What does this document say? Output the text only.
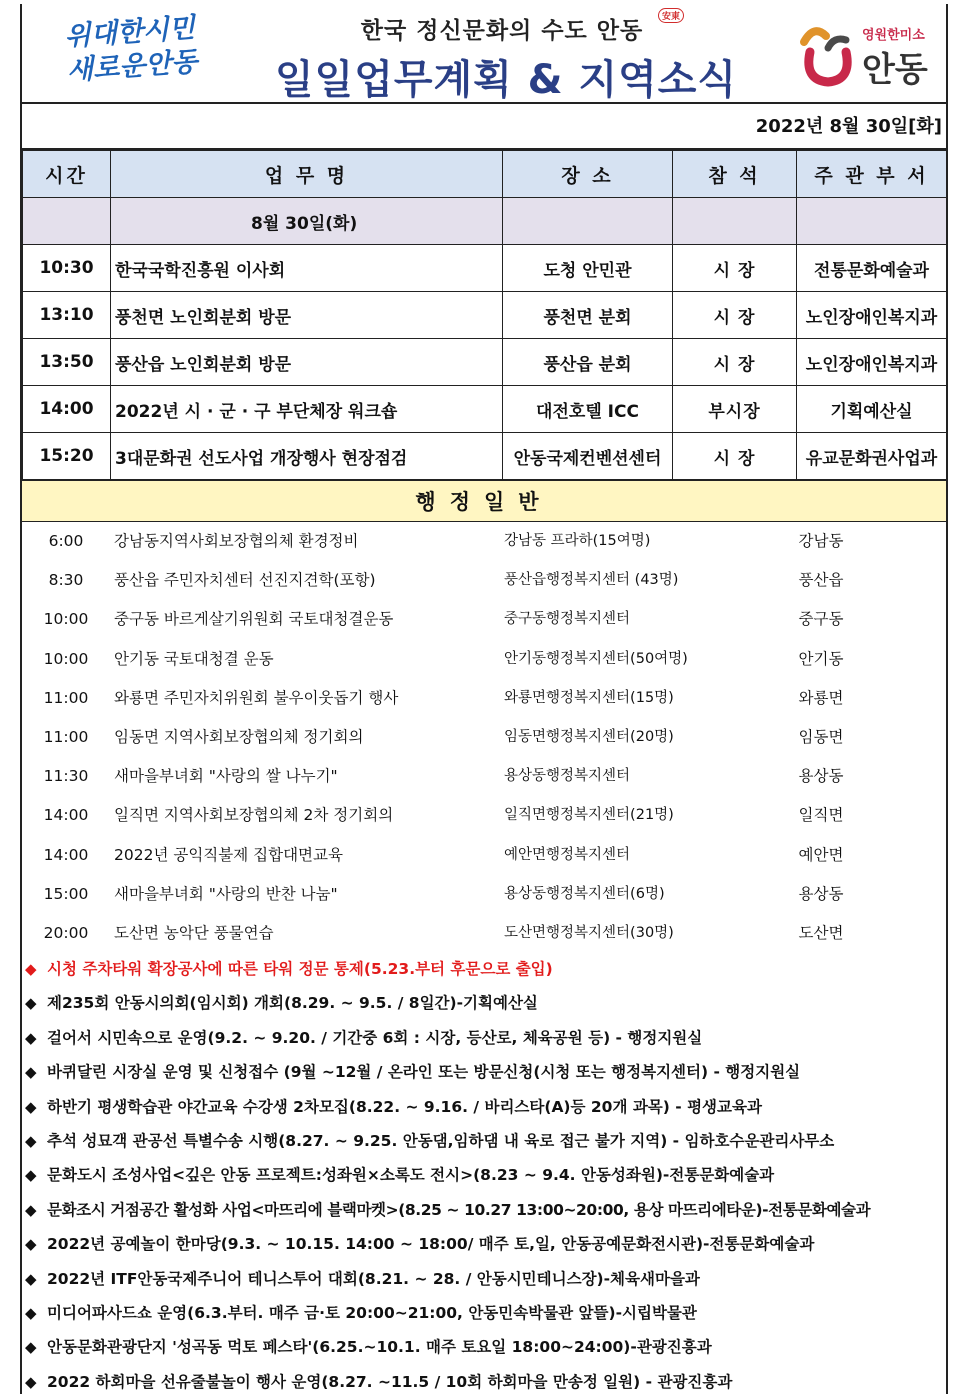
위대한시민
새로운안동
한국 정신문화의 수도 안동
安東
일일업무계획 & 지역소식
영원한미소
안동
2022년 8월 30일[화]
시간	업 무 명	장 소	참 석	주 관 부 서
	8월 30일(화)			
10:30	한국국학진흥원 이사회	도청 안민관	시 장	전통문화예술과
13:10	풍천면 노인회분회 방문	풍천면 분회	시 장	노인장애인복지과
13:50	풍산읍 노인회분회 방문	풍산읍 분회	시 장	노인장애인복지과
14:00	2022년 시 · 군 · 구 부단체장 워크숍	대전호텔 ICC	부시장	기획예산실
15:20	3대문화권 선도사업 개장행사 현장점검	안동국제컨벤션센터	시 장	유교문화권사업과
행정일반
6:00	강남동지역사회보장협의체 환경정비	강남동 프라하(15여명)	강남동
8:30	풍산읍 주민자치센터 선진지견학(포항)	풍산읍행정복지센터 (43명)	풍산읍
10:00	중구동 바르게살기위원회 국토대청결운동	중구동행정복지센터	중구동
10:00	안기동 국토대청결 운동	안기동행정복지센터(50여명)	안기동
11:00	와룡면 주민자치위원회 불우이웃돕기 행사	와룡면행정복지센터(15명)	와룡면
11:00	임동면 지역사회보장협의체 정기회의	임동면행정복지센터(20명)	임동면
11:30	새마을부녀회 "사랑의 쌀 나누기"	용상동행정복지센터	용상동
14:00	일직면 지역사회보장협의체 2차 정기회의	일직면행정복지센터(21명)	일직면
14:00	2022년 공익직불제 집합대면교육	예안면행정복지센터	예안면
15:00	새마을부녀회 "사랑의 반찬 나눔"	용상동행정복지센터(6명)	용상동
20:00	도산면 농악단 풍물연습	도산면행정복지센터(30명)	도산면
◆ 시청 주차타워 확장공사에 따른 타워 정문 통제(5.23.부터 후문으로 출입)
◆ 제235회 안동시의회(임시회) 개회(8.29. ~ 9.5. / 8일간)-기획예산실
◆ 걸어서 시민속으로 운영(9.2. ~ 9.20. / 기간중 6회 : 시장, 등산로, 체육공원 등) - 행정지원실
◆ 바퀴달린 시장실 운영 및 신청접수 (9월 ~12월 / 온라인 또는 방문신청(시청 또는 행정복지센터) - 행정지원실
◆ 하반기 평생학습관 야간교육 수강생 2차모집(8.22. ~ 9.16. / 바리스타(A)등 20개 과목) - 평생교육과
◆ 추석 성묘객 관공선 특별수송 시행(8.27. ~ 9.25. 안동댐,임하댐 내 육로 접근 불가 지역) - 임하호수운관리사무소
◆ 문화도시 조성사업<깊은 안동 프로젝트:성좌원×소록도 전시>(8.23 ~ 9.4. 안동성좌원)-전통문화예술과
◆ 문화조시 거점공간 활성화 사업<마뜨리에 블랙마켓>(8.25 ~ 10.27 13:00~20:00, 용상 마뜨리에타운)-전통문화예술과
◆ 2022년 공예놀이 한마당(9.3. ~ 10.15. 14:00 ~ 18:00/ 매주 토,일, 안동공예문화전시관)-전통문화예술과
◆ 2022년 ITF안동국제주니어 테니스투어 대회(8.21. ~ 28. / 안동시민테니스장)-체육새마을과
◆ 미디어파사드쇼 운영(6.3.부터. 매주 금·토 20:00~21:00, 안동민속박물관 앞뜰)-시립박물관
◆ 안동문화관광단지 '성곡동 먹토 페스타'(6.25.~10.1. 매주 토요일 18:00~24:00)-관광진흥과
◆ 2022 하회마을 선유줄불놀이 행사 운영(8.27. ~11.5 / 10회 하회마을 만송정 일원) - 관광진흥과
